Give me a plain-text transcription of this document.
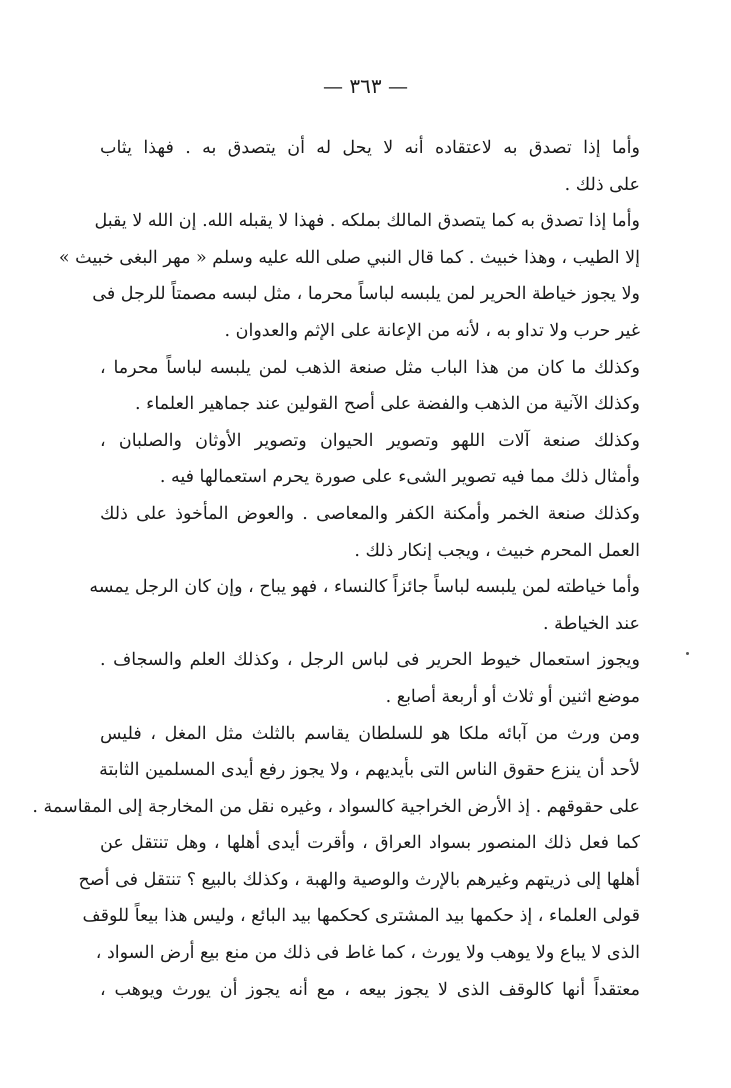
— ٣٦٣ —
وأما إذا تصدق به لاعتقاده أنه لا يحل له أن يتصدق به . فهذا يثاب
على ذلك .
وأما إذا تصدق به كما يتصدق المالك بملكه . فهذا لا يقبله الله. إن الله لا يقبل
إلا الطيب ، وهذا خبيث . كما قال النبي صلى الله عليه وسلم « مهر البغى خبيث »
ولا يجوز خياطة الحرير لمن يلبسه لباساً محرما ، مثل لبسه مصمتاً للرجل فى
غير حرب ولا تداو به ، لأنه من الإعانة على الإثم والعدوان .
وكذلك ما كان من هذا الباب مثل صنعة الذهب لمن يلبسه لباساً محرما ،
وكذلك الآنية من الذهب والفضة على أصح القولين عند جماهير العلماء .
وكذلك صنعة آلات اللهو وتصوير الحيوان وتصوير الأوثان والصلبان ،
وأمثال ذلك مما فيه تصوير الشىء على صورة يحرم استعمالها فيه .
وكذلك صنعة الخمر وأمكنة الكفر والمعاصى . والعوض المأخوذ على ذلك
العمل المحرم خبيث ، ويجب إنكار ذلك .
وأما خياطته لمن يلبسه لباساً جائزاً كالنساء ، فهو يباح ، وإن كان الرجل يمسه
عند الخياطة .
ويجوز استعمال خيوط الحرير فى لباس الرجل ، وكذلك العلم والسجاف .
موضع اثنين أو ثلاث أو أربعة أصابع .
ومن ورث من آبائه ملكا هو للسلطان يقاسم بالثلث مثل المغل ، فليس
لأحد أن ينزع حقوق الناس التى بأيديهم ، ولا يجوز رفع أيدى المسلمين الثابتة
على حقوقهم . إذ الأرض الخراجية كالسواد ، وغيره نقل من المخارجة إلى المقاسمة .
كما فعل ذلك المنصور بسواد العراق ، وأقرت أيدى أهلها ، وهل تنتقل عن
أهلها إلى ذريتهم وغيرهم بالإرث والوصية والهبة ، وكذلك بالبيع ؟ تنتقل فى أصح
قولى العلماء ، إذ حكمها بيد المشترى كحكمها بيد البائع ، وليس هذا بيعاً للوقف
الذى لا يباع ولا يوهب ولا يورث ، كما غاط فى ذلك من منع بيع أرض السواد ،
معتقداً أنها كالوقف الذى لا يجوز بيعه ، مع أنه يجوز أن يورث ويوهب ،
